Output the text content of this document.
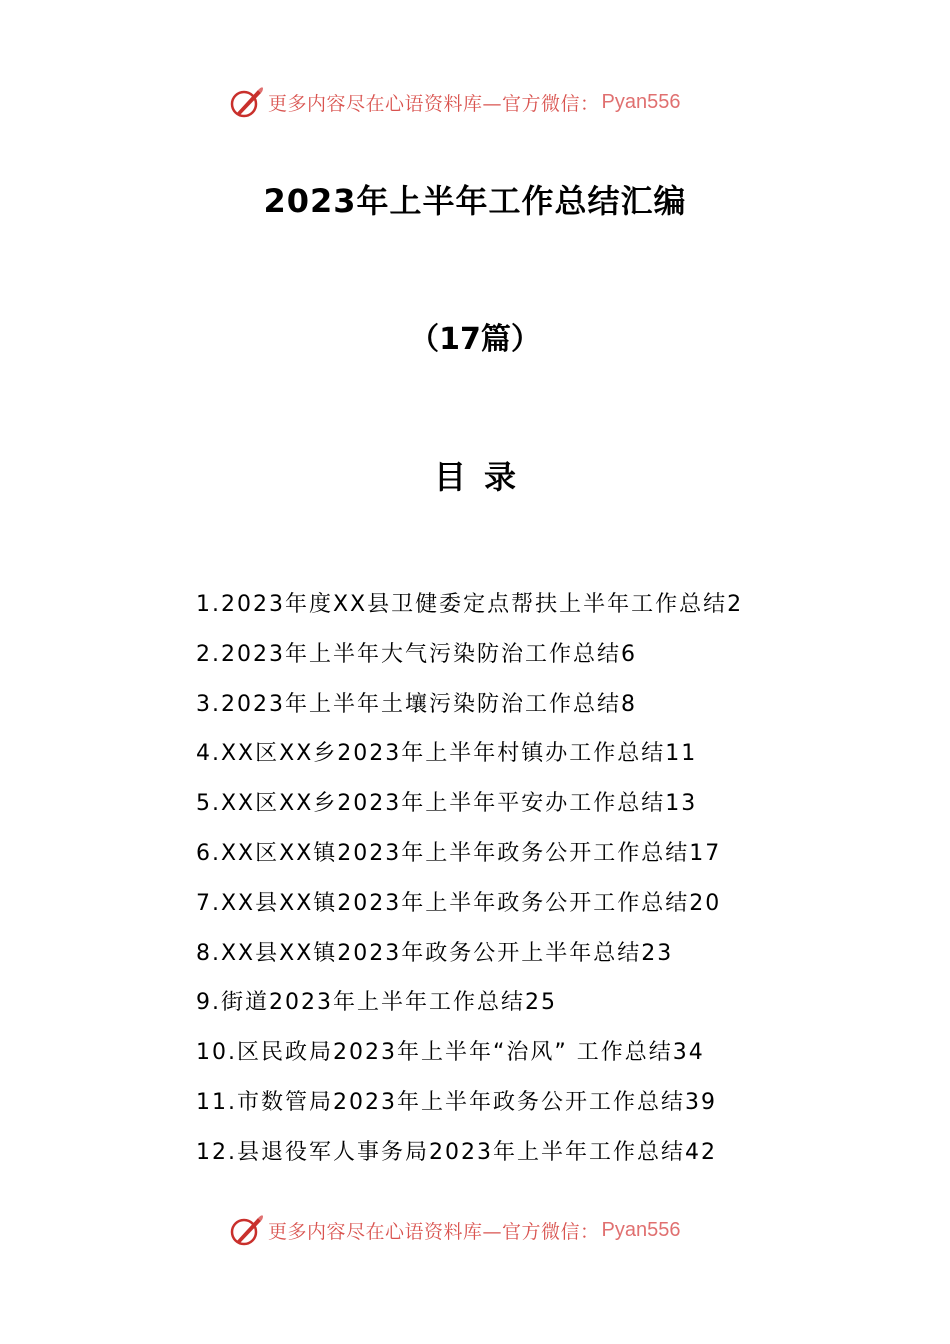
更多内容尽在心语资料库—官方微信： Pyan556
2023年上半年工作总结汇编
（17篇）
目录
1.2023年度XX县卫健委定点帮扶上半年工作总结2
2.2023年上半年大气污染防治工作总结6
3.2023年上半年土壤污染防治工作总结8
4.XX区XX乡2023年上半年村镇办工作总结11
5.XX区XX乡2023年上半年平安办工作总结13
6.XX区XX镇2023年上半年政务公开工作总结17
7.XX县XX镇2023年上半年政务公开工作总结20
8.XX县XX镇2023年政务公开上半年总结23
9.街道2023年上半年工作总结25
10.区民政局2023年上半年“治风” 工作总结34
11.市数管局2023年上半年政务公开工作总结39
12.县退役军人事务局2023年上半年工作总结42
更多内容尽在心语资料库—官方微信： Pyan556
